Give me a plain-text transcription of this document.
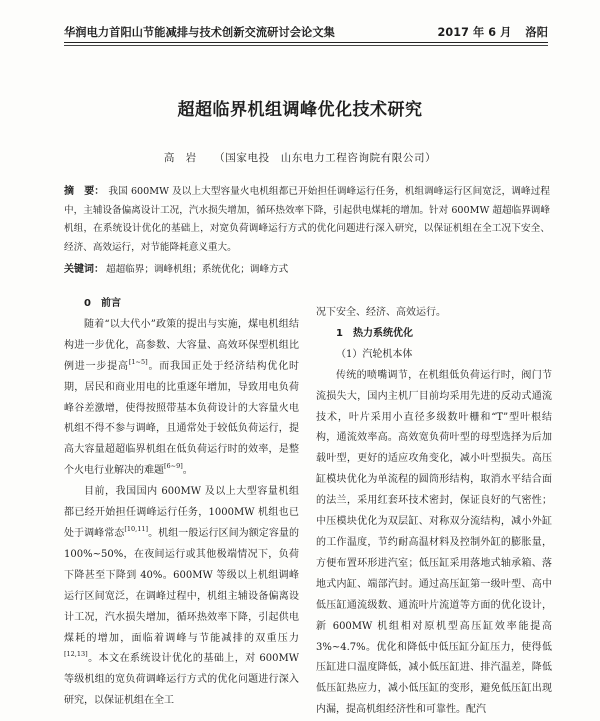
华润电力首阳山节能减排与技术创新交流研讨会论文集	2017 年 6 月 洛阳
超超临界机组调峰优化技术研究
高 岩 （国家电投　山东电力工程咨询院有限公司）
摘　要： 我国 600MW 及以上大型容量火电机组都已开始担任调峰运行任务，机组调峰运行区间宽泛，调峰过程中，主辅设备偏离设计工况，汽水损失增加，循环热效率下降，引起供电煤耗的增加。针对 600MW 超超临界调峰机组，在系统设计优化的基础上，对宽负荷调峰运行方式的优化问题进行深入研究，以保证机组在全工况下安全、经济、高效运行，对节能降耗意义重大。
关键词： 超超临界；调峰机组；系统优化；调峰方式

0　前言

随着“以大代小”政策的提出与实施，煤电机组结构进一步优化，高参数、大容量、高效环保型机组比例进一步提高[1~5]。而我国正处于经济结构优化时期，居民和商业用电的比重逐年增加，导致用电负荷峰谷差激增，使得按照带基本负荷设计的大容量火电机组不得不参与调峰，且通常处于较低负荷运行，提高大容量超超临界机组在低负荷运行时的效率，是整个火电行业解决的难题[6~9]。

目前，我国国内 600MW 及以上大型容量机组都已经开始担任调峰运行任务，1000MW 机组也已处于调峰常态[10,11]。机组一般运行区间为额定容量的 100%~50%，在夜间运行或其他极端情况下，负荷下降甚至下降到 40%。600MW 等级以上机组调峰运行区间宽泛，在调峰过程中，机组主辅设备偏离设计工况，汽水损失增加，循环热效率下降，引起供电煤耗的增加，面临着调峰与节能减排的双重压力[12,13]。本文在系统设计优化的基础上，对 600MW 等级机组的宽负荷调峰运行方式的优化问题进行深入研究，以保证机组在全工

况下安全、经济、高效运行。

1　热力系统优化

（1）汽轮机本体

传统的喷嘴调节，在机组低负荷运行时，阀门节流损失大，国内主机厂目前均采用先进的反动式通流技术，叶片采用小直径多级数叶栅和“T”型叶根结构，通流效率高。高效宽负荷叶型的母型选择为后加载叶型，更好的适应攻角变化，减小叶型损失。高压缸模块优化为单流程的圆筒形结构，取消水平结合面的法兰，采用红套环技术密封，保证良好的气密性；中压模块优化为双层缸、对称双分流结构，减小外缸的工作温度，节约耐高温材料及控制外缸的膨胀量，方便布置环形进汽室；低压缸采用落地式轴承箱、落地式内缸、端部汽封。通过高压缸第一级叶型、高中低压缸通流级数、通流叶片流道等方面的优化设计，新 600MW 机组相对原机型高压缸效率能提高 3%~4.7%。优化和降低中低压缸分缸压力，使得低压缸进口温度降低，减小低压缸进、排汽温差，降低低压缸热应力，减小低压缸的变形，避免低压缸出现内漏，提高机组经济性和可靠性。配汽
